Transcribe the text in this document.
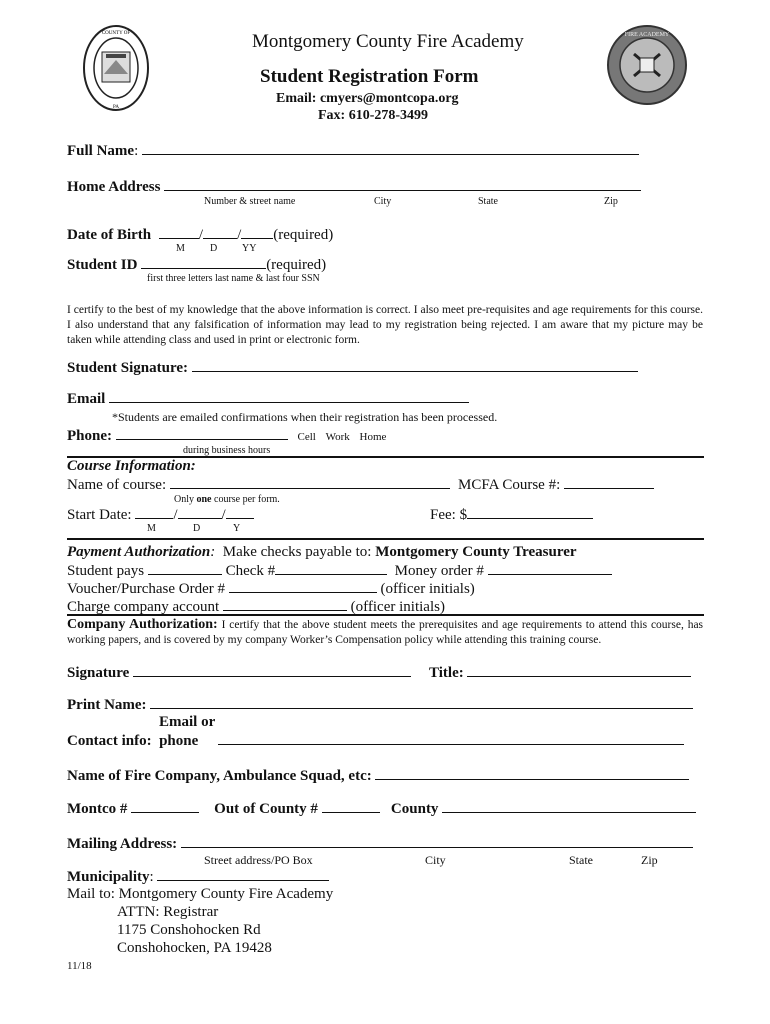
COUNTY OF
PA
FIRE ACADEMY
Montgomery County Fire Academy
Student Registration Form
Email: cmyers@montcopa.org
Fax: 610-278-3499
Full Name:
Home Address
Number & street name	City	State	Zip
Date of Birth	/ / (required)
M	D YY
Student ID	(required)
first three letters last name & last four SSN
I certify to the best of my knowledge that the above information is correct. I also meet pre-requisites and age requirements for this course. I also understand that any falsification of information may lead to my registration being rejected. I am aware that my picture may be taken while attending class and used in print or electronic form.
Student Signature:
Email
*Students are emailed confirmations when their registration has been processed.
Phone:	Cell Work Home
during business hours
Course Information:
Name of course:	MCFA Course #:
Only one course per form.
Start Date:	/	/
M	D	Y
Fee: $
Payment Authorization: Make checks payable to: Montgomery County Treasurer
Student pays	Check #	Money order #
Voucher/Purchase Order #	(officer initials)
Charge company account	(officer initials)
Company Authorization: I certify that the above student meets the prerequisites and age requirements to attend this course, has working papers, and is covered by my company Worker’s Compensation policy while attending this training course.
Signature	Title:
Print Name:
Email or
Contact info: phone
Name of Fire Company, Ambulance Squad, etc:
Montco #	Out of County #	County
Mailing Address:
Street address/PO Box	City	State	Zip
Municipality:
Mail to: Montgomery County Fire Academy
ATTN: Registrar
1175 Conshohocken Rd
Conshohocken, PA 19428
11/18
